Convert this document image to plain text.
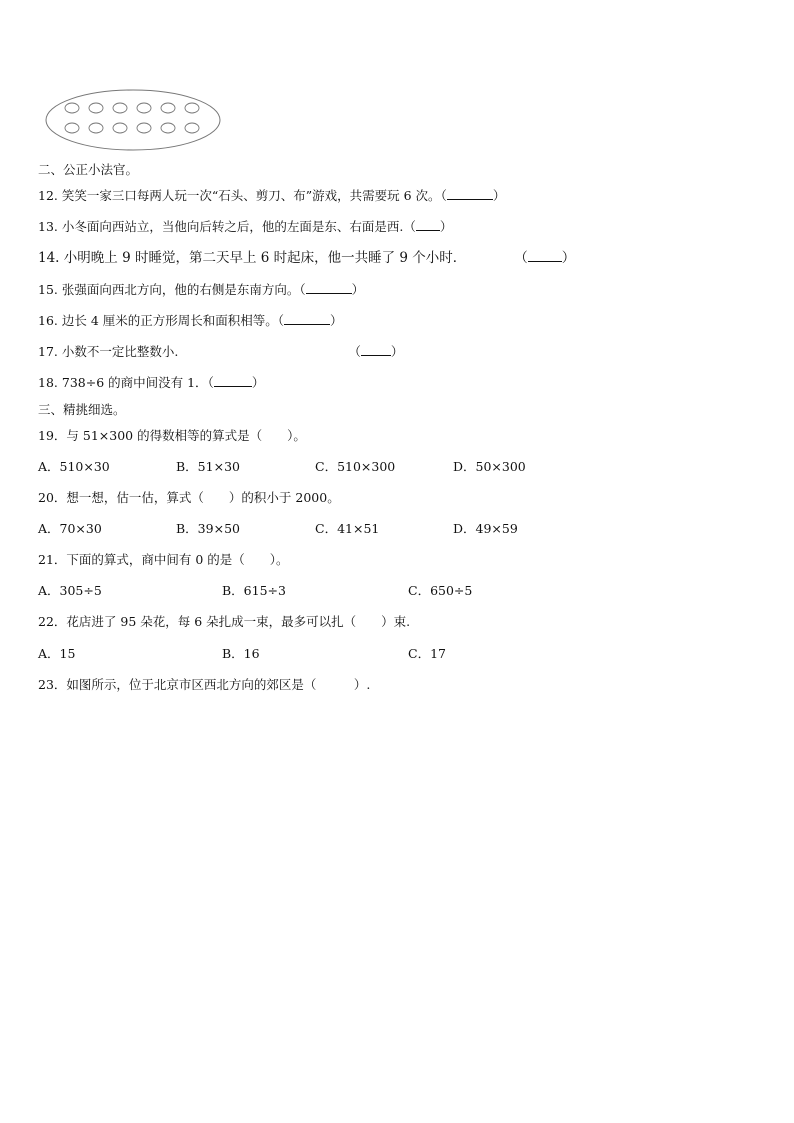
二、公正小法官。
12. 笑笑一家三口每两人玩一次“石头、剪刀、布”游戏，共需要玩 6 次。（	）
13. 小冬面向西站立，当他向后转之后，他的左面是东、右面是西.（ ）
14. 小明晚上 9 时睡觉，第二天早上 6 时起床，他一共睡了 9 个小时．	（	）
15. 张强面向西北方向，他的右侧是东南方向。（	）
16. 边长 4 厘米的正方形周长和面积相等。（	）
17. 小数不一定比整数小.	（ ）
18. 738÷6 的商中间没有 1．（	）
三、精挑细选。
19．与 51×300 的得数相等的算式是（　　）。
A．510×30	B．51×30	C．510×300	D．50×300
20．想一想，估一估，算式（　　）的积小于 2000。
A．70×30	B．39×50	C．41×51	D．49×59
21．下面的算式，商中间有 0 的是（　　）。
A．305÷5	B．615÷3	C．650÷5
22．花店进了 95 朵花，每 6 朵扎成一束，最多可以扎（　　）束.
A．15	B．16	C．17
23．如图所示，位于北京市区西北方向的郊区是（　　　）.
